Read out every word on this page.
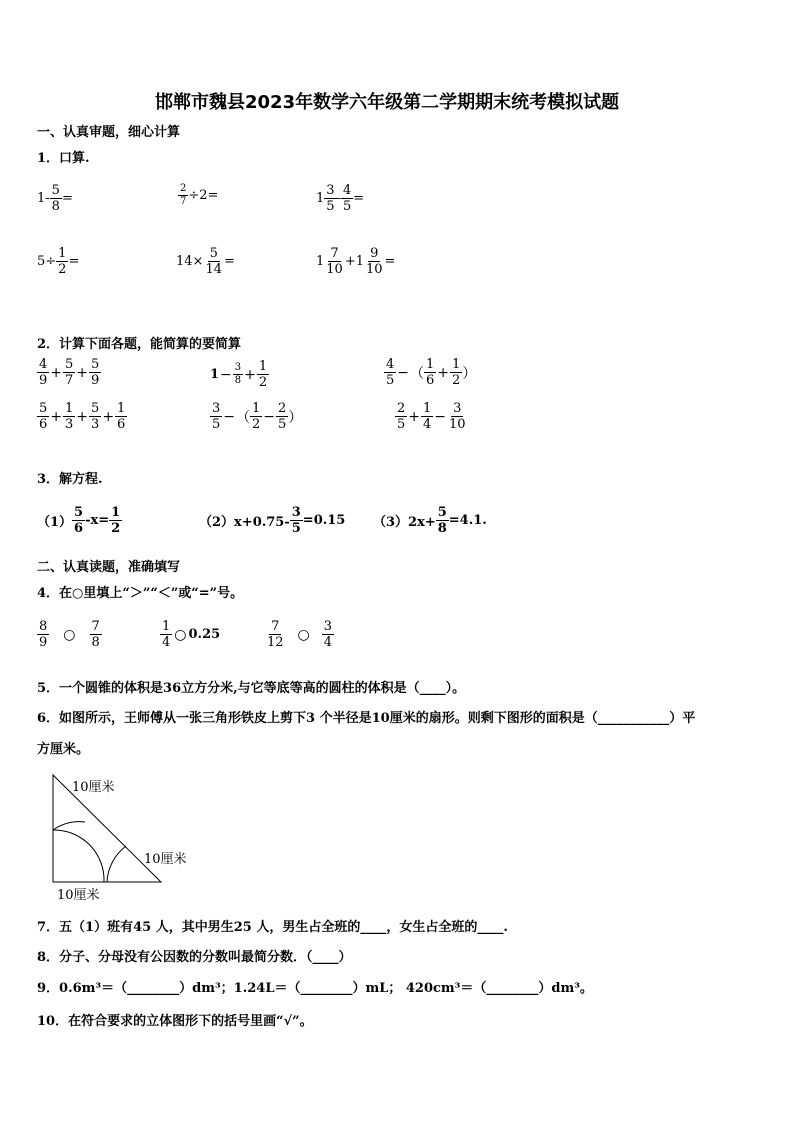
邯郸市魏县2023年数学六年级第二学期期末统考模拟试题
一、认真审题，细心计算
1．口算.
$1- \frac{5}{8}$ =	$\frac{2}{7} \div 2=$	$1 \frac{3}{5} - \frac{4}{5}$ =
$5\div \frac{1}{2}$ =	$14\times \frac{5}{14}$ =	$1 \frac{7}{10} +1 \frac{9}{10}$ =
2．计算下面各题，能简算的要简算
$\frac{4}{9} + \frac{5}{7} + \frac{5}{9}$	$1 - \frac{3}{8} + \frac{1}{2}$	$\frac{4}{5}$ − （ $\frac{1}{6} + \frac{1}{2}$ ）
$\frac{5}{6} + \frac{1}{3} + \frac{5}{3} + \frac{1}{6}$	$\frac{3}{5}$ − （ $\frac{1}{2} - \frac{2}{5}$ ）	$\frac{2}{5} + \frac{1}{4} - \frac{3}{10}$
3．解方程.
$(1) \frac{5}{6} -x= \frac{1}{2}$	$(2)x+0.75- \frac{3}{5} =0.15$ $(3)2x+ \frac{5}{8} =4.1$.
二、认真读题，准确填写
4．在○里填上“＞”“＜”或“=”号。
$\frac{8}{9}$ ○ $\frac{7}{8}$	$\frac{1}{4}$ ○ 0.25	$\frac{7}{12}$ ○ $\frac{3}{4}$
5．一个圆锥的体积是36立方分米,与它等底等高的圆柱的体积是（____）。
6．如图所示，王师傅从一张三角形铁皮上剪下3 个半径是10厘米的扇形。则剩下图形的面积是（___________）平
方厘米。
10厘米
10厘米
10厘米
7．五（1）班有45 人，其中男生25 人，男生占全班的____，女生占全班的____.
8．分子、分母没有公因数的分数叫最简分数．（____）
9．0.6m³＝（________）dm³；1.24L＝（________）mL； 420cm³＝（________）dm³。
10．在符合要求的立体图形下的括号里画“√”。
